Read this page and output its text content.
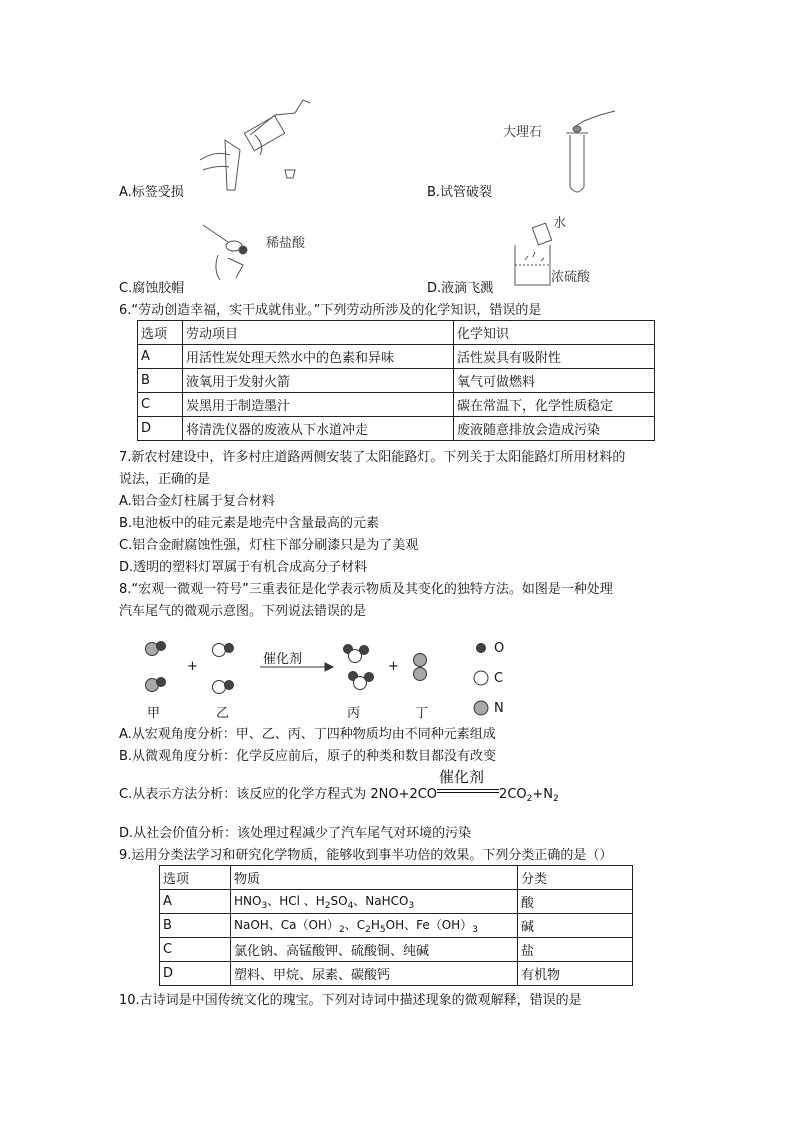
A.标签受损
大理石
B.试管破裂
稀盐酸
C.腐蚀胶帽
水
浓硫酸
D.液滴飞溅
6.“劳动创造幸福，实干成就伟业。”下列劳动所涉及的化学知识，错误的是
选项	劳动项目	化学知识
A	用活性炭处理天然水中的色素和异味	活性炭具有吸附性
B	液氧用于发射火箭	氧气可做燃料
C	炭黑用于制造墨汁	碳在常温下，化学性质稳定
D	将清洗仪器的废液从下水道冲走	废液随意排放会造成污染
7.新农村建设中，许多村庄道路两侧安装了太阳能路灯。下列关于太阳能路灯所用材料的
说法，正确的是
A.铝合金灯柱属于复合材料
B.电池板中的硅元素是地壳中含量最高的元素
C.铝合金耐腐蚀性强，灯柱下部分刷漆只是为了美观
D.透明的塑料灯罩属于有机合成高分子材料
8.“宏观一微观一符号”三重表征是化学表示物质及其变化的独特方法。如图是一种处理
汽车尾气的微观示意图。下列说法错误的是
+	催化剂	+
甲	乙	丙	丁
O
C
N
A.从宏观角度分析：甲、乙、丙、丁四种物质均由不同种元素组成
B.从微观角度分析：化学反应前后，原子的种类和数目都没有改变
C.从表示方法分析：该反应的化学方程式为 2NO+2CO
催化剂
$2CO_2+N_2$
D.从社会价值分析：该处理过程减少了汽车尾气对环境的污染
9.运用分类法学习和研究化学物质，能够收到事半功倍的效果。下列分类正确的是（）
选项	物质	分类
A	$HNO_3$、HCl 、$H_2SO_4$、NaHCO$_3$	酸
B	NaOH、$Ca(OH)_2$、$C_2H_5OH$、$Fe(OH)_3$	碱
C	氯化钠、高锰酸钾、硫酸铜、纯碱	盐
D	塑料、甲烷、尿素、碳酸钙	有机物
10.古诗词是中国传统文化的瑰宝。下列对诗词中描述现象的微观解释，错误的是
